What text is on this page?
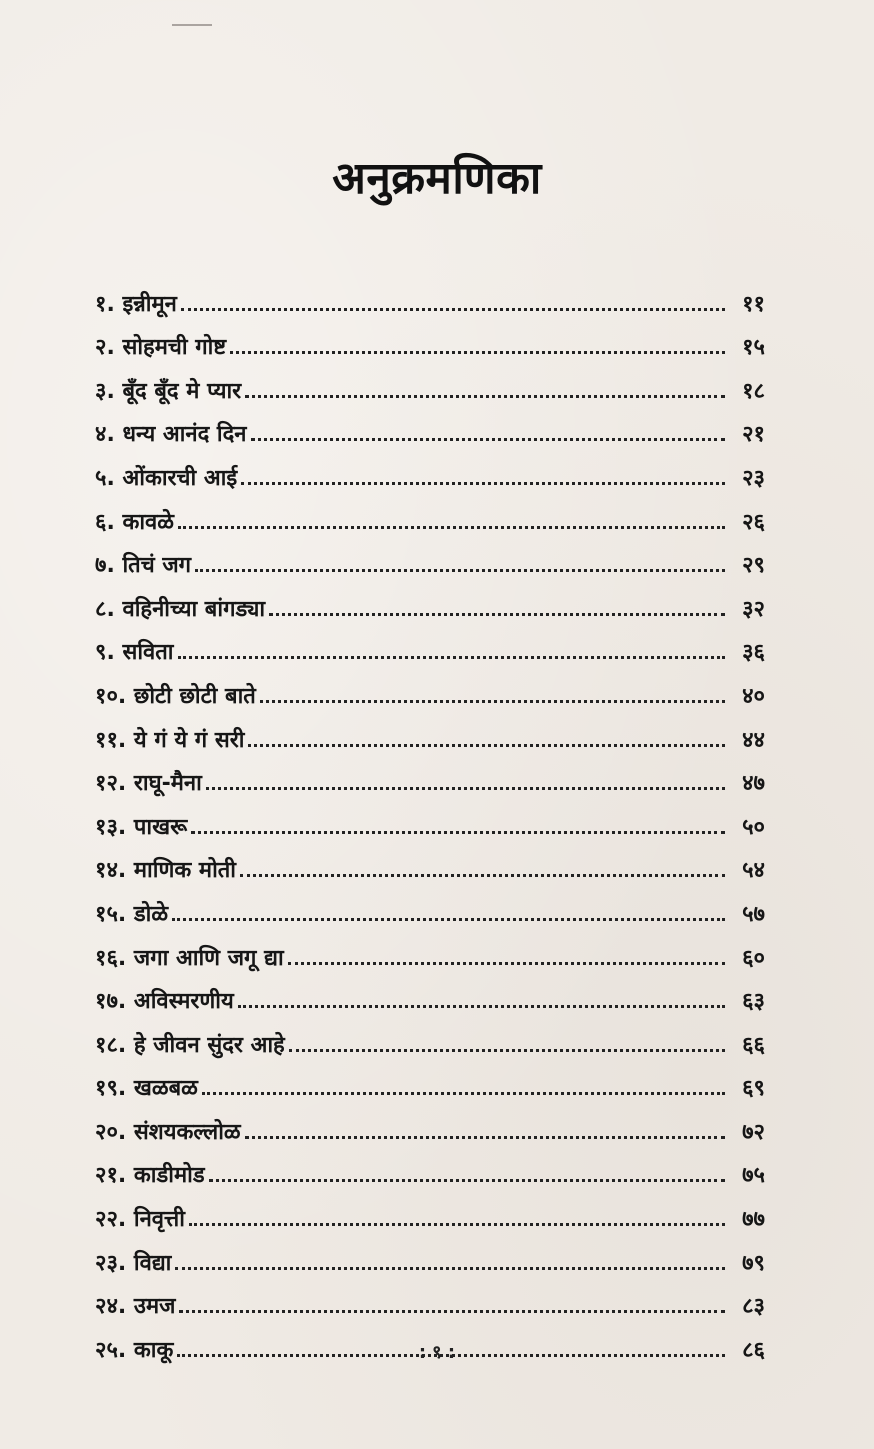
अनुक्रमणिका
१. इन्नीमून	११
२. सोहमची गोष्ट	१५
३. बूँद बूँद मे प्यार	१८
४. धन्य आनंद दिन	२१
५. ओंकारची आई	२३
६. कावळे	२६
७. तिचं जग	२९
८. वहिनीच्या बांगड्या	३२
९. सविता	३६
१०. छोटी छोटी बाते	४०
११. ये गं ये गं सरी	४४
१२. राघू-मैना	४७
१३. पाखरू	५०
१४. माणिक मोती	५४
१५. डोळे	५७
१६. जगा आणि जगू द्या	६०
१७. अविस्मरणीय	६३
१८. हे जीवन सुंदर आहे	६६
१९. खळबळ	६९
२०. संशयकल्लोळ	७२
२१. काडीमोड	७५
२२. निवृत्ती	७७
२३. विद्या	७९
२४. उमज	८३
२५. काकू	८६
: ९ :
